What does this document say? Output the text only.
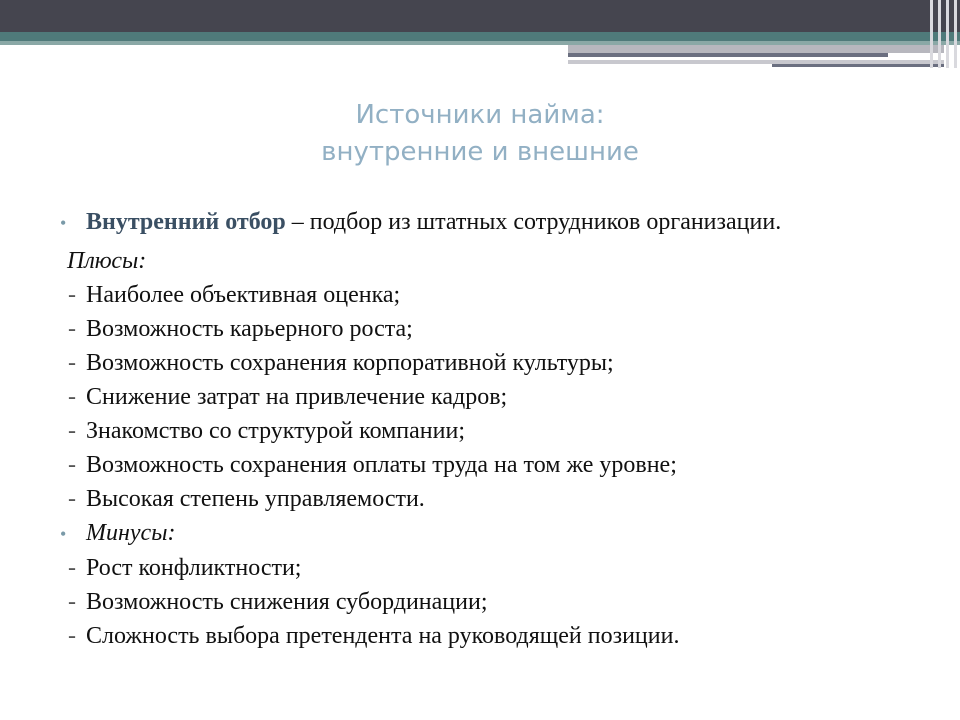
Источники найма:
внутренние и внешние
• Внутренний отбор – подбор из штатных сотрудников организации.
Плюсы:
- Наиболее объективная оценка;
- Возможность карьерного роста;
- Возможность сохранения корпоративной культуры;
- Снижение затрат на привлечение кадров;
- Знакомство со структурой компании;
- Возможность сохранения оплаты труда на том же уровне;
- Высокая степень управляемости.
• Минусы:
- Рост конфликтности;
- Возможность снижения субординации;
- Сложность выбора претендента на руководящей позиции.
